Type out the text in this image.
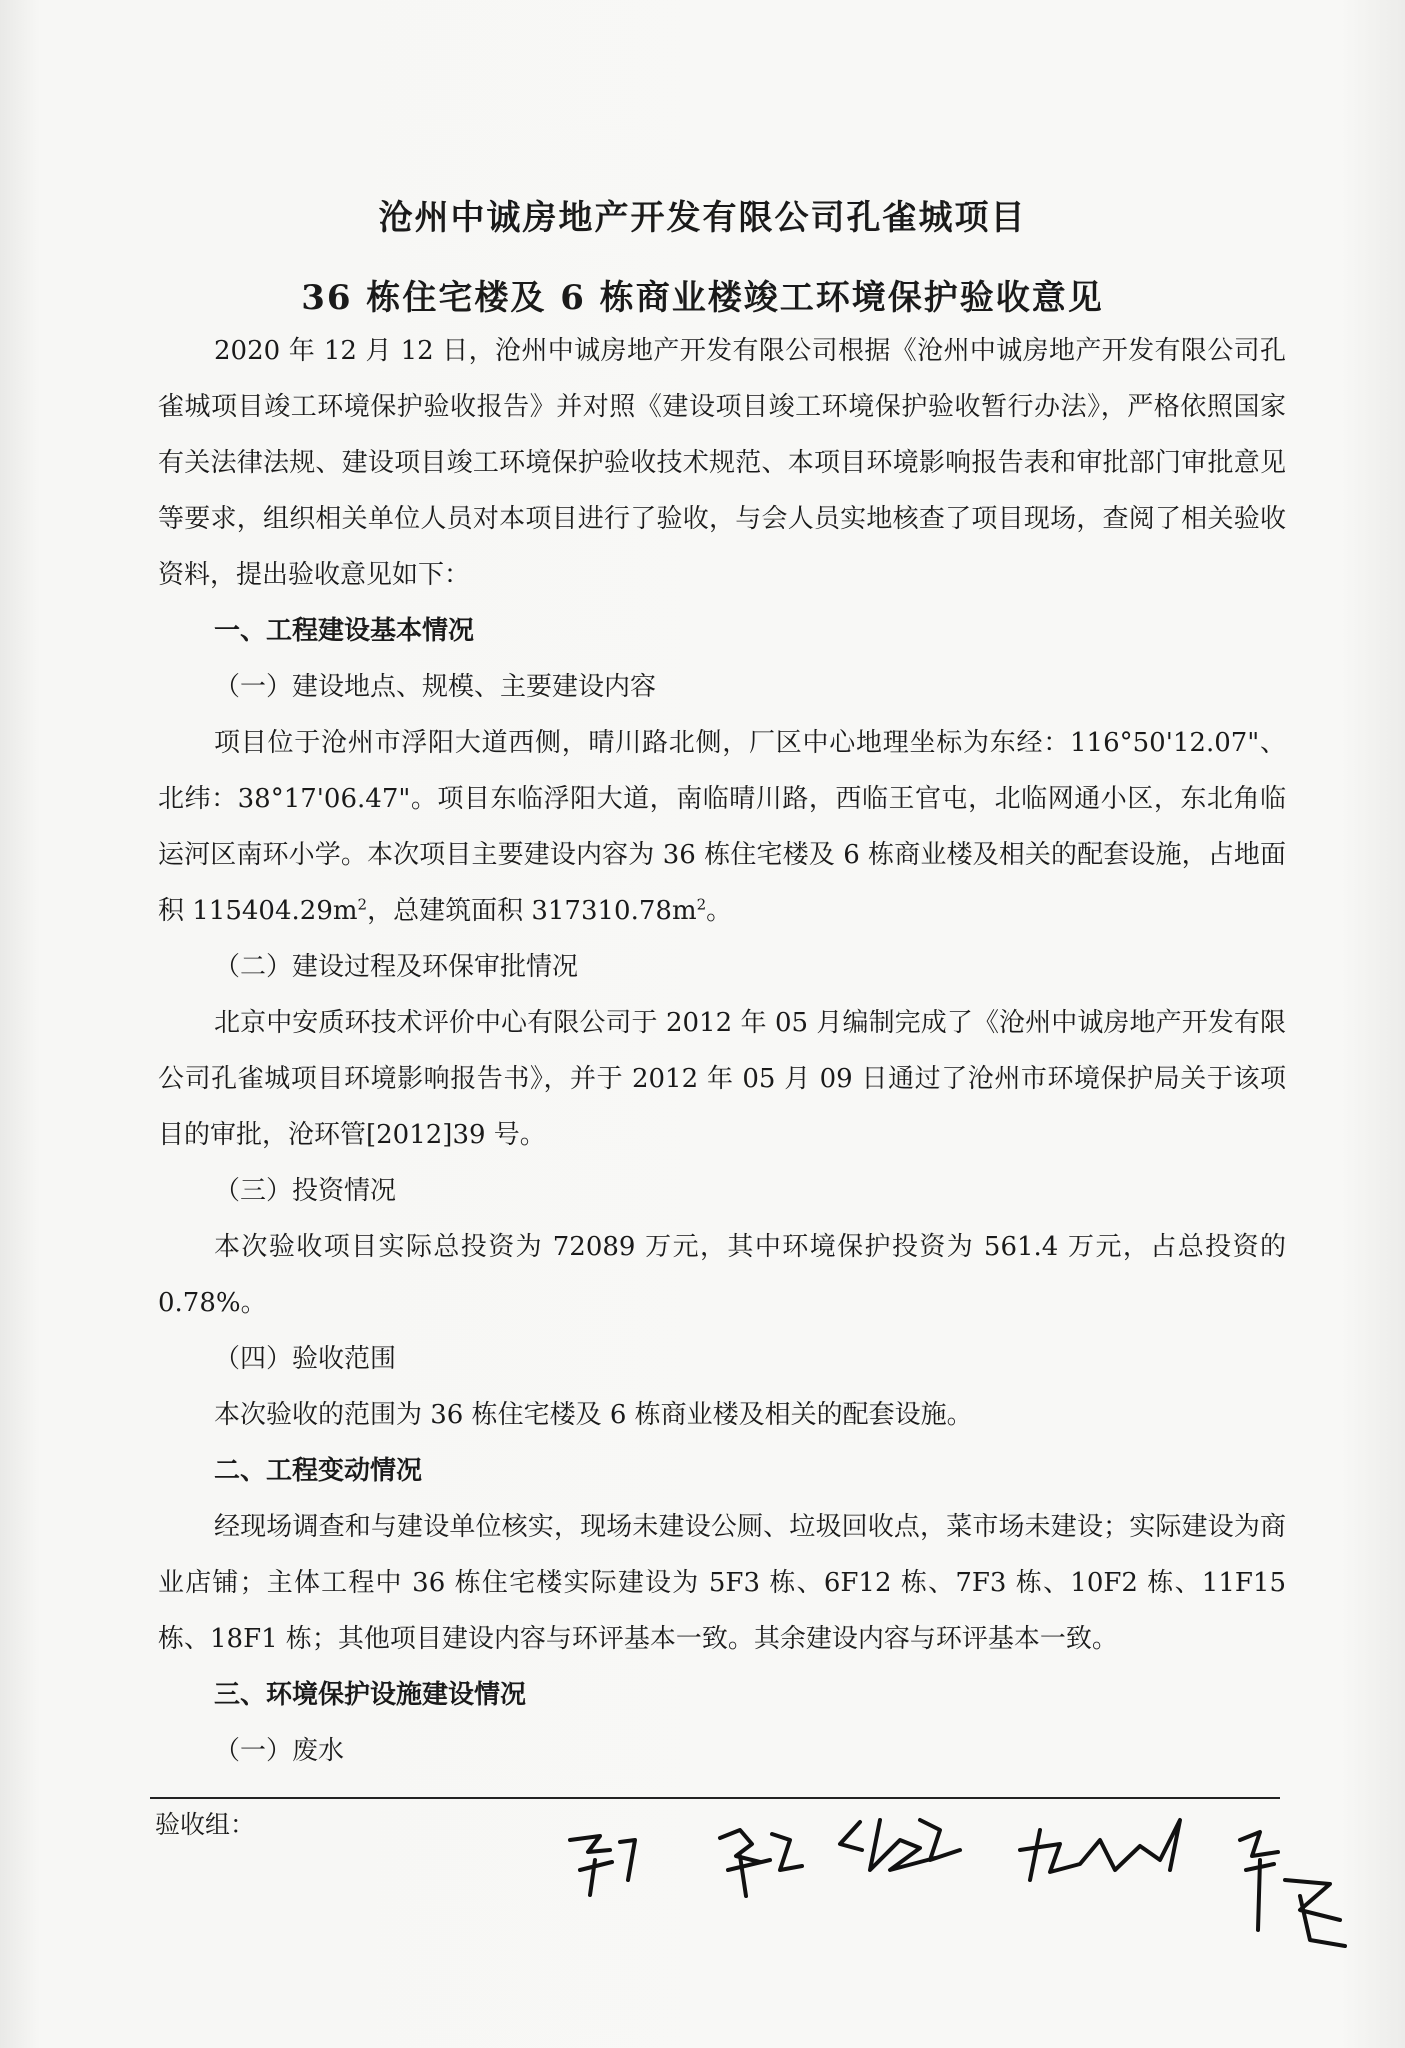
沧州中诚房地产开发有限公司孔雀城项目
36 栋住宅楼及 6 栋商业楼竣工环境保护验收意见

2020 年 12 月 12 日，沧州中诚房地产开发有限公司根据《沧州中诚房地产开发有限公司孔雀城项目竣工环境保护验收报告》并对照《建设项目竣工环境保护验收暂行办法》，严格依照国家有关法律法规、建设项目竣工环境保护验收技术规范、本项目环境影响报告表和审批部门审批意见等要求，组织相关单位人员对本项目进行了验收，与会人员实地核查了项目现场，查阅了相关验收资料，提出验收意见如下：

一、工程建设基本情况

（一）建设地点、规模、主要建设内容

项目位于沧州市浮阳大道西侧，晴川路北侧，厂区中心地理坐标为东经：116°50'12.07"、北纬：38°17'06.47"。项目东临浮阳大道，南临晴川路，西临王官屯，北临网通小区，东北角临运河区南环小学。本次项目主要建设内容为 36 栋住宅楼及 6 栋商业楼及相关的配套设施，占地面积 $115404.29m^2$，总建筑面积 $317310.78m^2$。

（二）建设过程及环保审批情况

北京中安质环技术评价中心有限公司于 2012 年 05 月编制完成了《沧州中诚房地产开发有限公司孔雀城项目环境影响报告书》，并于 2012 年 05 月 09 日通过了沧州市环境保护局关于该项目的审批，沧环管[2012]39 号。

（三）投资情况

本次验收项目实际总投资为 72089 万元，其中环境保护投资为 561.4 万元，占总投资的 0.78%。

（四）验收范围

本次验收的范围为 36 栋住宅楼及 6 栋商业楼及相关的配套设施。

二、工程变动情况

经现场调查和与建设单位核实，现场未建设公厕、垃圾回收点，菜市场未建设；实际建设为商业店铺；主体工程中 36 栋住宅楼实际建设为 5F3 栋、6F12 栋、7F3 栋、10F2 栋、11F15 栋、18F1 栋；其他项目建设内容与环评基本一致。其余建设内容与环评基本一致。

三、环境保护设施建设情况

（一）废水

验收组：
